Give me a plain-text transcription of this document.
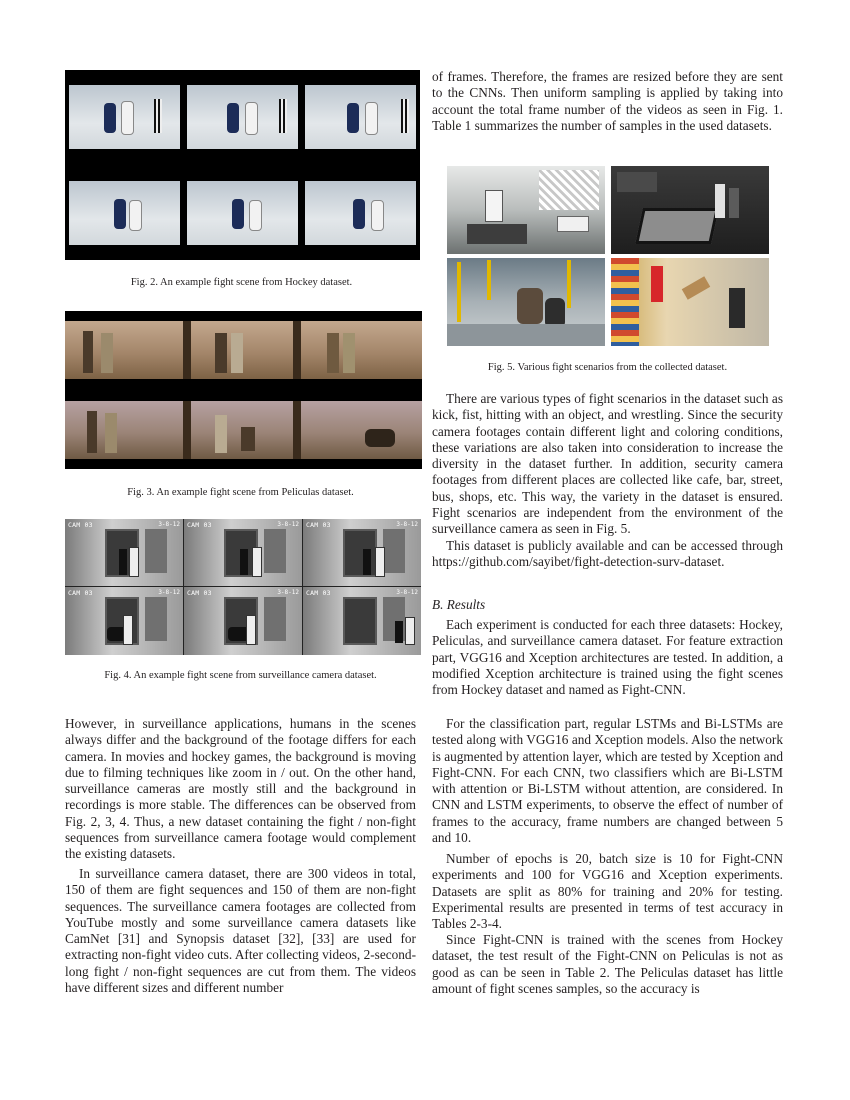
Fig. 2. An example fight scene from Hockey dataset.
Fig. 3. An example fight scene from Peliculas dataset.
CAM 03	3-8-12 CAM 03	3-8-12 CAM 03	3-8-12
CAM 03	3-8-12 CAM 03	3-8-12 CAM 03	3-8-12
Fig. 4. An example fight scene from surveillance camera dataset.

However, in surveillance applications, humans in the scenes always differ and the background of the footage differs for each camera. In movies and hockey games, the background is moving due to filming techniques like zoom in / out. On the other hand, surveillance cameras are mostly still and the background in recordings is more stable. The differences can be observed from Fig. 2, 3, 4. Thus, a new dataset containing the fight / non-fight sequences from surveillance camera footage would complement the existing datasets.

In surveillance camera dataset, there are 300 videos in total, 150 of them are fight sequences and 150 of them are non-fight sequences. The surveillance camera footages are collected from YouTube mostly and some surveillance camera datasets like CamNet [31] and Synopsis dataset [32], [33] are used for extracting non-fight video cuts. After collecting videos, 2-second-long fight / non-fight sequences are cut from them. The videos have different sizes and different number

of frames. Therefore, the frames are resized before they are sent to the CNNs. Then uniform sampling is applied by taking into account the total frame number of the videos as seen in Fig. 1. Table 1 summarizes the number of samples in the used datasets.

Fig. 5. Various fight scenarios from the collected dataset.

There are various types of fight scenarios in the dataset such as kick, fist, hitting with an object, and wrestling. Since the security camera footages contain different light and coloring conditions, these variations are also taken into consideration to increase the diversity in the dataset further. In addition, security camera footages from different places are collected like cafe, bar, street, bus, shops, etc. This way, the variety in the dataset is ensured. Fight scenarios are independent from the environment of the surveillance camera as seen in Fig. 5.

This dataset is publicly available and can be accessed through https://github.com/sayibet/fight-detection-surv-dataset.

B. Results

Each experiment is conducted for each three datasets: Hockey, Peliculas, and surveillance camera dataset. For feature extraction part, VGG16 and Xception architectures are tested. In addition, a modified Xception architecture is trained using the fight scenes from Hockey dataset and named as Fight-CNN.

For the classification part, regular LSTMs and Bi-LSTMs are tested along with VGG16 and Xception models. Also the network is augmented by attention layer, which are tested by Xception and Fight-CNN. For each CNN, two classifiers which are Bi-LSTM with attention or Bi-LSTM without attention, are considered. In CNN and LSTM experiments, to observe the effect of number of frames to the accuracy, frame numbers are changed between 5 and 10.

Number of epochs is 20, batch size is 10 for Fight-CNN experiments and 100 for VGG16 and Xception experiments. Datasets are split as 80% for training and 20% for testing. Experimental results are presented in terms of test accuracy in Tables 2-3-4.

Since Fight-CNN is trained with the scenes from Hockey dataset, the test result of the Fight-CNN on Peliculas is not as good as can be seen in Table 2. The Peliculas dataset has little amount of fight scenes samples, so the accuracy is
